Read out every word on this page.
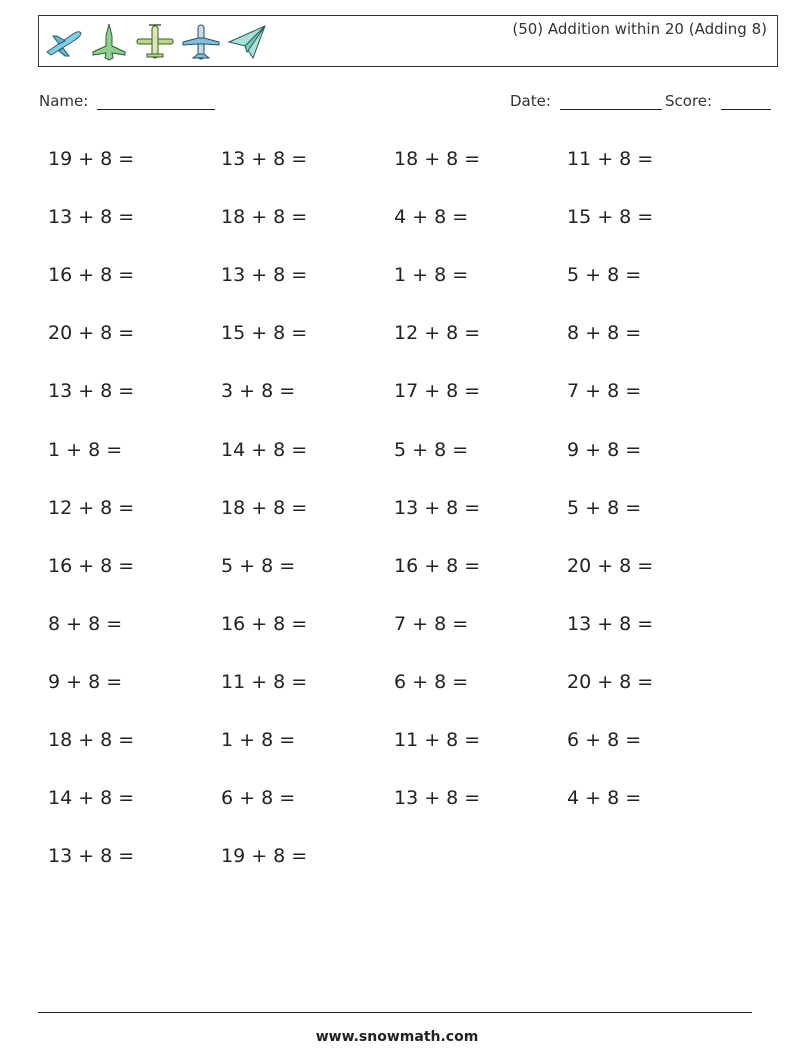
(50) Addition within 20 (Adding 8)
Name:	Date:	Score:
19 + 8 =	13 + 8 =	18 + 8 =	11 + 8 =
13 + 8 =	18 + 8 =	4 + 8 =	15 + 8 =
16 + 8 =	13 + 8 =	1 + 8 =	5 + 8 =
20 + 8 =	15 + 8 =	12 + 8 =	8 + 8 =
13 + 8 =	3 + 8 =	17 + 8 =	7 + 8 =
1 + 8 =	14 + 8 =	5 + 8 =	9 + 8 =
12 + 8 =	18 + 8 =	13 + 8 =	5 + 8 =
16 + 8 =	5 + 8 =	16 + 8 =	20 + 8 =
8 + 8 =	16 + 8 =	7 + 8 =	13 + 8 =
9 + 8 =	11 + 8 =	6 + 8 =	20 + 8 =
18 + 8 =	1 + 8 =	11 + 8 =	6 + 8 =
14 + 8 =	6 + 8 =	13 + 8 =	4 + 8 =
13 + 8 =	19 + 8 =
www.snowmath.com
